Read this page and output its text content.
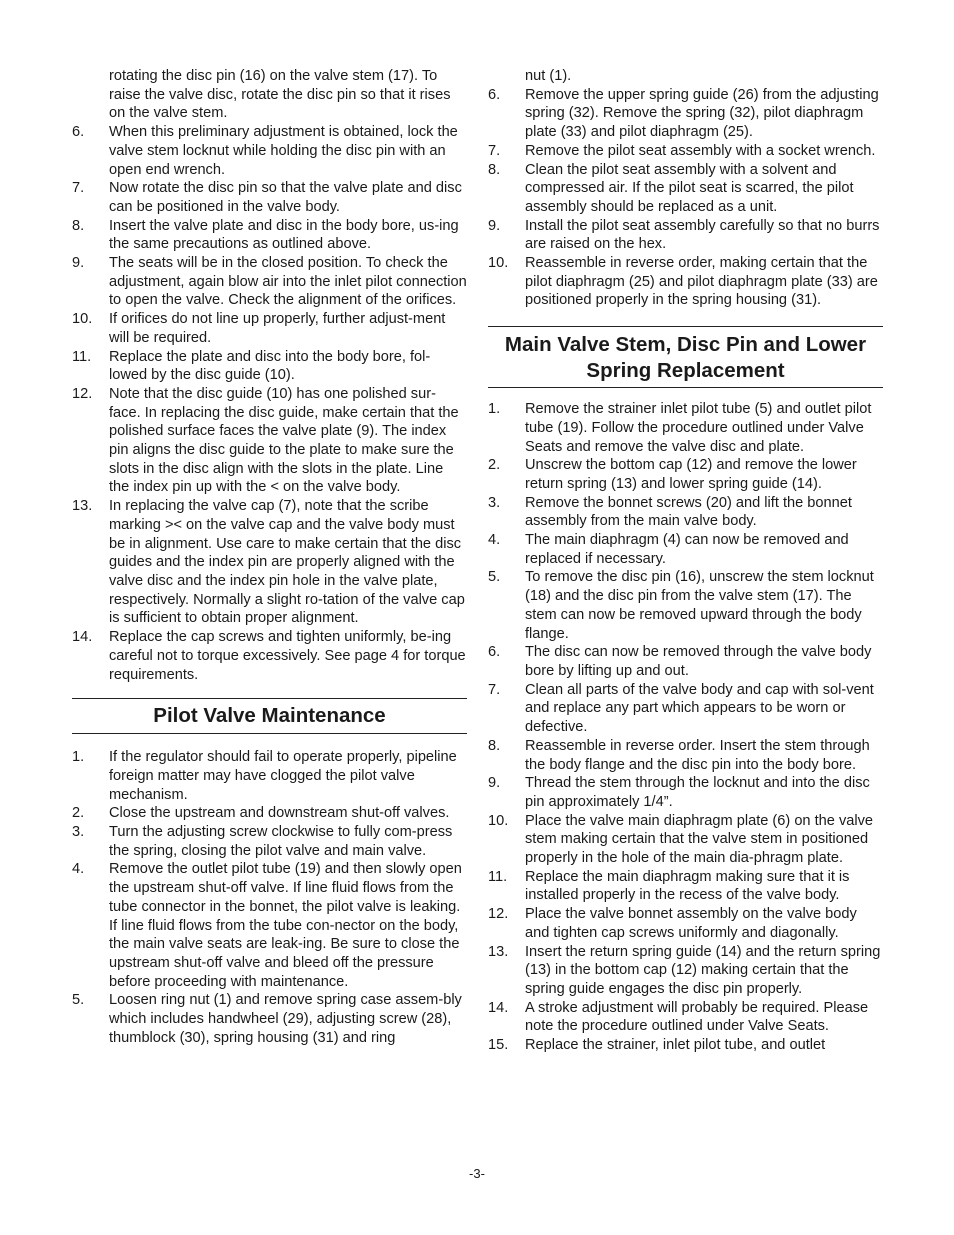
rotating the disc pin (16) on the valve stem (17). To raise the valve disc, rotate the disc pin so that it rises on the valve stem.

6. When this preliminary adjustment is obtained, lock the valve stem locknut while holding the disc pin with an open end wrench.
7. Now rotate the disc pin so that the valve plate and disc can be positioned in the valve body.
8. Insert the valve plate and disc in the body bore, us-ing the same precautions as outlined above.
9. The seats will be in the closed position. To check the adjustment, again blow air into the inlet pilot connection to open the valve. Check the alignment of the orifices.
10. If orifices do not line up properly, further adjust-ment will be required.
11. Replace the plate and disc into the body bore, fol-lowed by the disc guide (10).
12. Note that the disc guide (10) has one polished sur-face. In replacing the disc guide, make certain that the polished surface faces the valve plate (9). The index pin aligns the disc guide to the plate to make sure the slots in the disc align with the slots in the plate. Line the index pin up with the < on the valve body.
13. In replacing the valve cap (7), note that the scribe marking >< on the valve cap and the valve body must be in alignment. Use care to make certain that the disc guides and the index pin are properly aligned with the valve disc and the index pin hole in the valve plate, respectively. Normally a slight ro-tation of the valve cap is sufficient to obtain proper alignment.
14. Replace the cap screws and tighten uniformly, be-ing careful not to torque excessively. See page 4 for torque requirements.
Pilot Valve Maintenance
1. If the regulator should fail to operate properly, pipeline foreign matter may have clogged the pilot valve mechanism.
2. Close the upstream and downstream shut-off valves.
3. Turn the adjusting screw clockwise to fully com-press the spring, closing the pilot valve and main valve.
4. Remove the outlet pilot tube (19) and then slowly open the upstream shut-off valve. If line fluid flows from the tube connector in the bonnet, the pilot valve is leaking. If line fluid flows from the tube con-nector on the body, the main valve seats are leak-ing. Be sure to close the upstream shut-off valve and bleed off the pressure before proceeding with maintenance.
5. Loosen ring nut (1) and remove spring case assem-bly which includes handwheel (29), adjusting screw (28), thumblock (30), spring housing (31) and ring

nut (1).

6. Remove the upper spring guide (26) from the adjusting spring (32). Remove the spring (32), pilot diaphragm plate (33) and pilot diaphragm (25).
7. Remove the pilot seat assembly with a socket wrench.
8. Clean the pilot seat assembly with a solvent and compressed air. If the pilot seat is scarred, the pilot assembly should be replaced as a unit.
9. Install the pilot seat assembly carefully so that no burrs are raised on the hex.
10. Reassemble in reverse order, making certain that the pilot diaphragm (25) and pilot diaphragm plate (33) are positioned properly in the spring housing (31).
Main Valve Stem, Disc Pin and Lower
Spring Replacement
1. Remove the strainer inlet pilot tube (5) and outlet pilot tube (19). Follow the procedure outlined under Valve Seats and remove the valve disc and plate.
2. Unscrew the bottom cap (12) and remove the lower return spring (13) and lower spring guide (14).
3. Remove the bonnet screws (20) and lift the bonnet assembly from the main valve body.
4. The main diaphragm (4) can now be removed and replaced if necessary.
5. To remove the disc pin (16), unscrew the stem locknut (18) and the disc pin from the valve stem (17). The stem can now be removed upward through the body flange.
6. The disc can now be removed through the valve body bore by lifting up and out.
7. Clean all parts of the valve body and cap with sol-vent and replace any part which appears to be worn or defective.
8. Reassemble in reverse order. Insert the stem through the body flange and the disc pin into the body bore.
9. Thread the stem through the locknut and into the disc pin approximately 1/4”.
10. Place the valve main diaphragm plate (6) on the valve stem making certain that the valve stem in positioned properly in the hole of the main dia-phragm plate.
11. Replace the main diaphragm making sure that it is installed properly in the recess of the valve body.
12. Place the valve bonnet assembly on the valve body and tighten cap screws uniformly and diagonally.
13. Insert the return spring guide (14) and the return spring (13) in the bottom cap (12) making certain that the spring guide engages the disc pin properly.
14. A stroke adjustment will probably be required. Please note the procedure outlined under Valve Seats.
15. Replace the strainer, inlet pilot tube, and outlet
-3-
